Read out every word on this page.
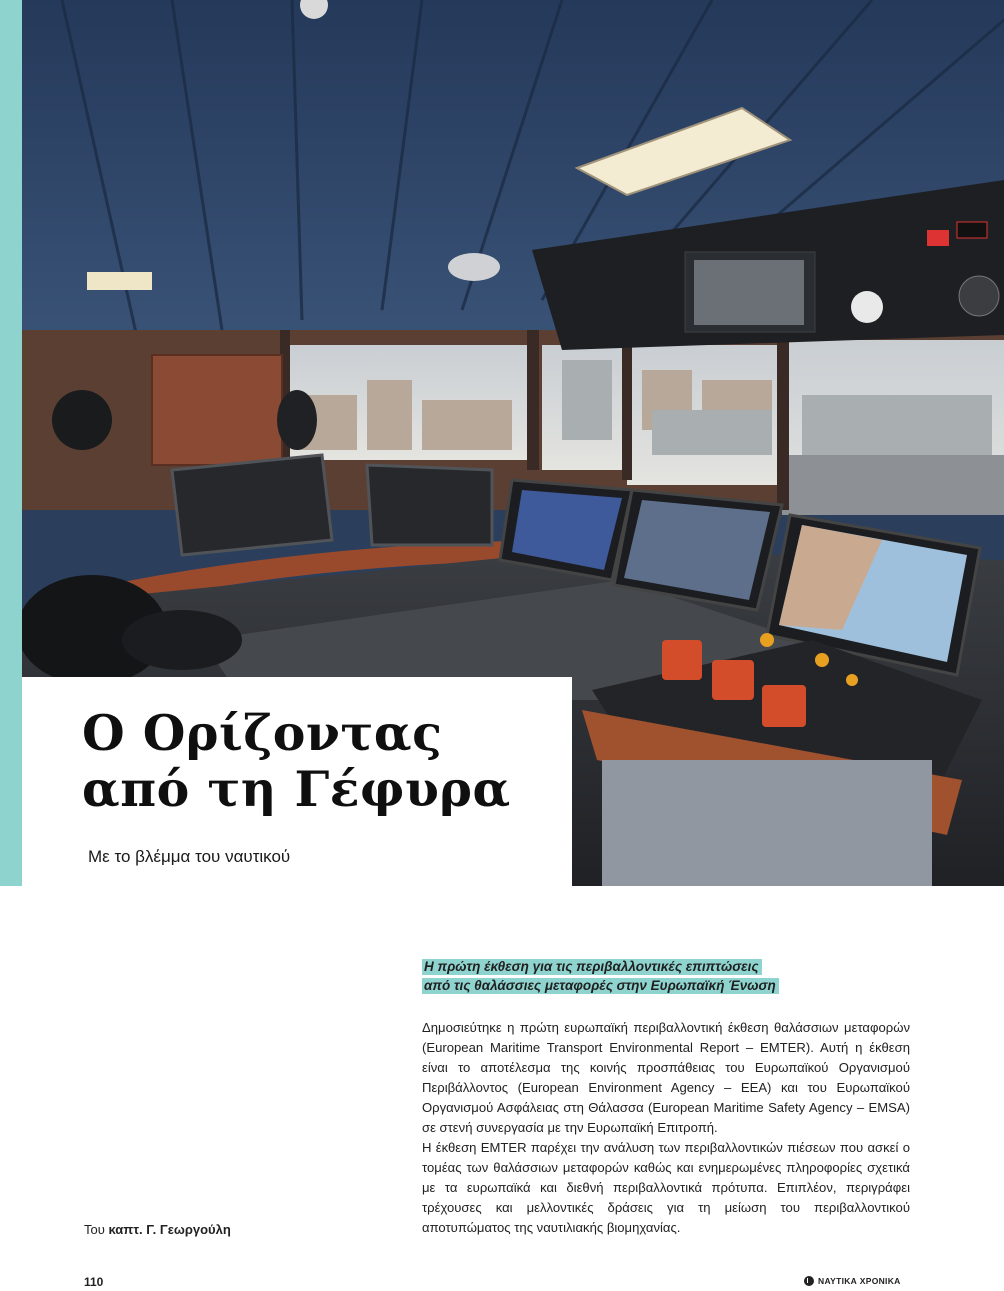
Ο Ορίζοντας
από τη Γέφυρα
Με το βλέμμα του ναυτικού
Η πρώτη έκθεση για τις περιβαλλοντικές επιπτώσεις
από τις θαλάσσιες μεταφορές στην Ευρωπαϊκή Ένωση
Δημοσιεύτηκε η πρώτη ευρωπαϊκή περιβαλλοντική έκθεση θαλάσσιων μεταφορών (European Maritime Transport Environmental Report – EMTER). Αυτή η έκθεση είναι το αποτέλεσμα της κοινής προσπάθειας του Ευρωπαϊκού Οργανισμού Περιβάλλοντος (European Environment Agency – EEA) και του Ευρωπαϊκού Οργανισμού Ασφάλειας στη Θάλασσα (European Maritime Safety Agency – EMSA) σε στενή συνεργασία με την Ευρωπαϊκή Επιτροπή.
Η έκθεση EMTER παρέχει την ανάλυση των περιβαλλοντικών πιέσεων που ασκεί ο τομέας των θαλάσσιων μεταφορών καθώς και ενημερωμένες πληροφορίες σχετικά με τα ευρωπαϊκά και διεθνή περιβαλλοντικά πρότυπα. Επιπλέον, περιγράφει τρέχουσες και μελλοντικές δράσεις για τη μείωση του περιβαλλοντικού αποτυπώματος της ναυτιλιακής βιομηχανίας.
Του καπτ. Γ. Γεωργούλη
110	ΝΑΥΤΙΚΑ ΧΡΟΝΙΚΑ
